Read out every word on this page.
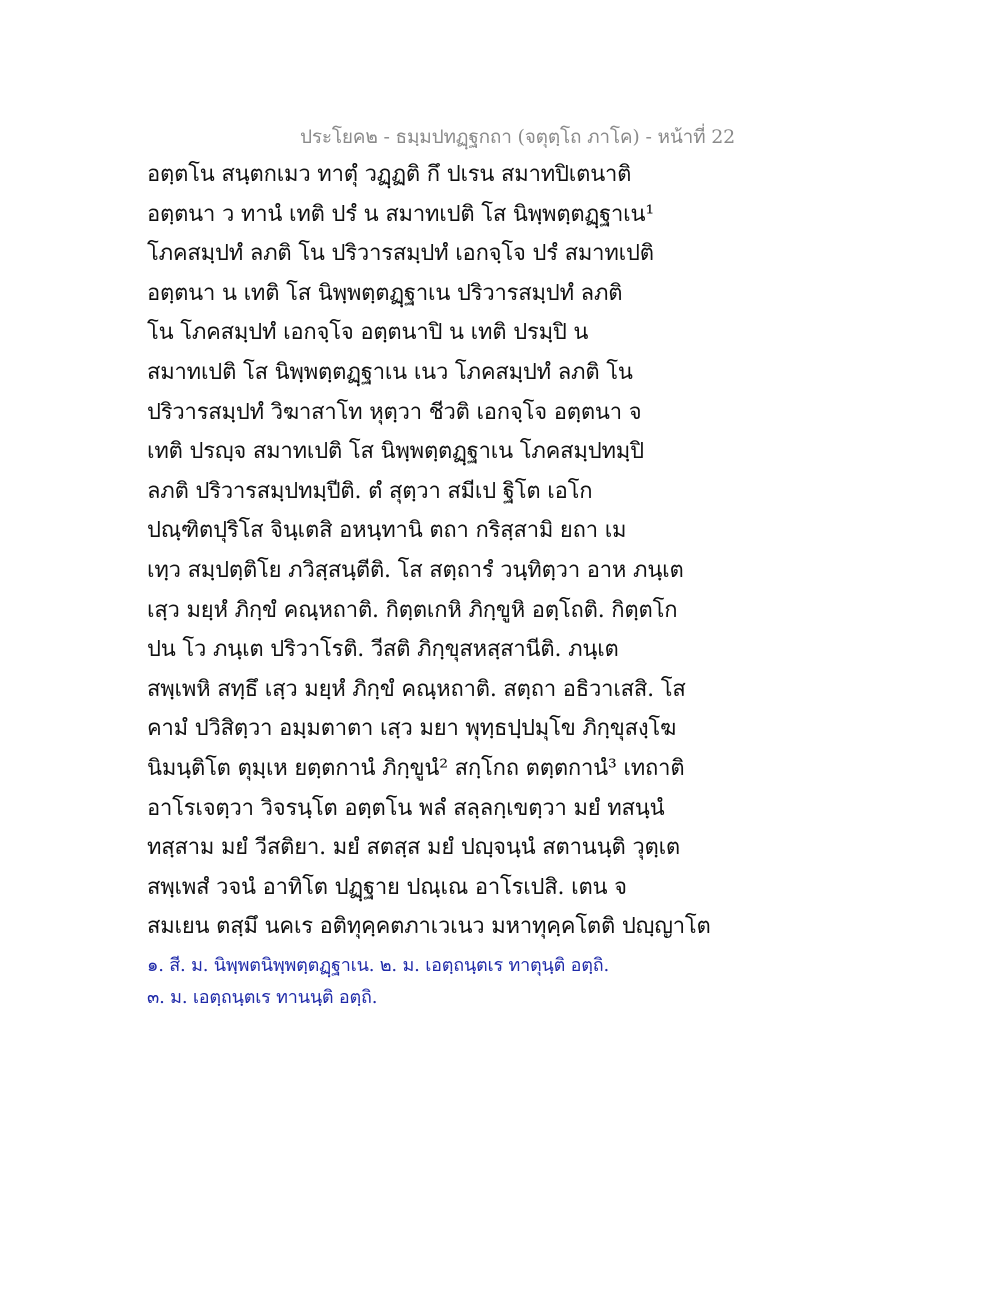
ประโยค๒ - ธมฺมปทฏฺฐกถา (จตุตฺโถ ภาโค) - หน้าที่ 22
อตฺตโน สนฺตกเมว ทาตุํ วฏฺฏติ กึ ปเรน สมาทปิเตนาติ
อตฺตนา ว ทานํ เทติ ปรํ น สมาทเปติ โส นิพฺพตฺตฏฺฐาเน¹
โภคสมฺปทํ ลภติ โน ปริวารสมฺปทํ เอกจฺโจ ปรํ สมาทเปติ
อตฺตนา น เทติ โส นิพฺพตฺตฏฺฐาเน ปริวารสมฺปทํ ลภติ
โน โภคสมฺปทํ เอกจฺโจ อตฺตนาปิ น เทติ ปรมฺปิ น
สมาทเปติ โส นิพฺพตฺตฏฺฐาเน เนว โภคสมฺปทํ ลภติ โน
ปริวารสมฺปทํ วิฆาสาโท หุตฺวา ชีวติ เอกจฺโจ อตฺตนา จ
เทติ ปรญฺจ สมาทเปติ โส นิพฺพตฺตฏฺฐาเน โภคสมฺปทมฺปิ
ลภติ ปริวารสมฺปทมฺปีติ. ตํ สุตฺวา สมีเป ฐิโต เอโก
ปณฺฑิตปุริโส จินฺเตสิ อหนฺทานิ ตถา กริสฺสามิ ยถา เม
เทฺว สมฺปตฺติโย ภวิสฺสนฺตีติ. โส สตฺถารํ วนฺทิตฺวา อาห ภนฺเต
เสฺว มยฺหํ ภิกฺขํ คณฺหถาติ. กิตฺตเกหิ ภิกฺขูหิ อตฺโถติ. กิตฺตโก
ปน โว ภนฺเต ปริวาโรติ. วีสติ ภิกฺขุสหสฺสานีติ. ภนฺเต
สพฺเพหิ สทฺธึ เสฺว มยฺหํ ภิกฺขํ คณฺหถาติ. สตฺถา อธิวาเสสิ. โส
คามํ ปวิสิตฺวา อมฺมตาตา เสฺว มยา พุทฺธปฺปมุโข ภิกฺขุสงฺโฆ
นิมนฺติโต ตุมฺเห ยตฺตกานํ ภิกฺขูนํ² สกฺโกถ ตตฺตกานํ³ เทถาติ
อาโรเจตฺวา วิจรนฺโต อตฺตโน พลํ สลฺลกฺเขตฺวา มยํ ทสนฺนํ
ทสฺสาม มยํ วีสติยา. มยํ สตสฺส มยํ ปญฺจนฺนํ สตานนฺติ วุตฺเต
สพฺเพสํ วจนํ อาทิโต ปฏฺฐาย ปณฺเณ อาโรเปสิ. เตน จ
สมเยน ตสฺมึ นคเร อติทุคฺคตภาเวเนว มหาทุคฺคโตติ ปญฺญาโต
๑. สี. ม. นิพฺพตนิพฺพตฺตฏฺฐาเน. ๒. ม. เอตฺถนฺตเร ทาตุนฺติ อตฺถิ.
๓. ม. เอตฺถนฺตเร ทานนฺติ อตฺถิ.
